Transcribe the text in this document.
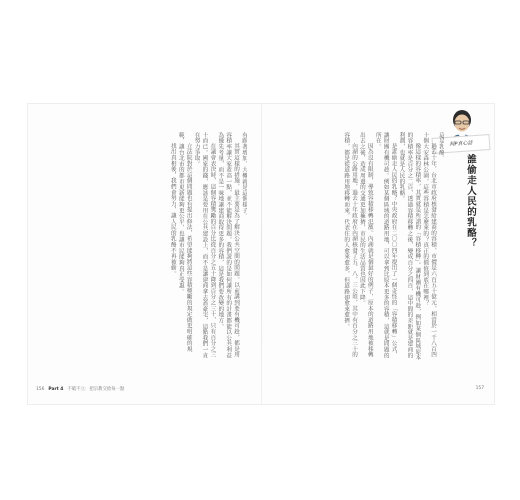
有跟著增加，大概就是這個樣子。

其實這樣的措施，最主要是為了解決公共空間的問題。以前講到要有機可趁，都是用容積率讓大家蓋高一點，並不能解決問題，我們說的是如何讓所有的計畫都能以公共利益為優先考量，而不是一味地讓建商取得更多的容積，這是我們要改變的地方。

在議會表決時，這個容積獎勵的百分比從百分之五十降到百分之三十，只有百分之三十而已。國家的錢，應該是要用在公共建設上，而不是讓建商拿去蓋豪宅，這點我們一直在努力爭取。

立法院對於這個問題也有提出修法，希望能夠將這些容積獎勵的規定做更明確的規範，讓台北市的都市更新能夠更公平，也讓市民能夠真正受惠。

找出真相後，我們會努力，讓人民的乳酪不再被偷。

156 Part 4 不破不立：把宗教交給每一點
柯P真心話
誰偷走人民的乳酪？

這是乳酪。

過去十年，台北市政府核發給建商的容積，市價是六百五十億元，相當於一千八百四十個大安森林公園，這些容積是怎麼來的？真正的價值到底在哪裡？

像這樣的容積率，其實就是所謂的「容積移轉」。讓財團有機可趁，例如某個區域原本的容積率是百分之二百，透過容積移轉之後，變成百分之四百，這中間的差距就是建商的利潤，也就是人民的乳酪。

是誰偷走人民的乳酪？中央政府在二〇〇四年提出了一個奇怪的「容積移轉」公式，讓財團有機可趁。例如某個區域的道路用地，可以拿到比原本更多的容積，這就是問題的所在。

因為沒有限制，導致容積移轉氾濫。內湖就是個最好的例子，原本的道路用地被移轉出去之後，造成周邊的交通更加擁擠，市民的生活品質也因此下降。

內湖的公路用地，過去十年政府在內湖核發了五、八、三公頃，其中有百分之三十的容積，都是從道路用地移轉而來，代表住的人愈來愈多，但道路卻愈來愈擠。

157
